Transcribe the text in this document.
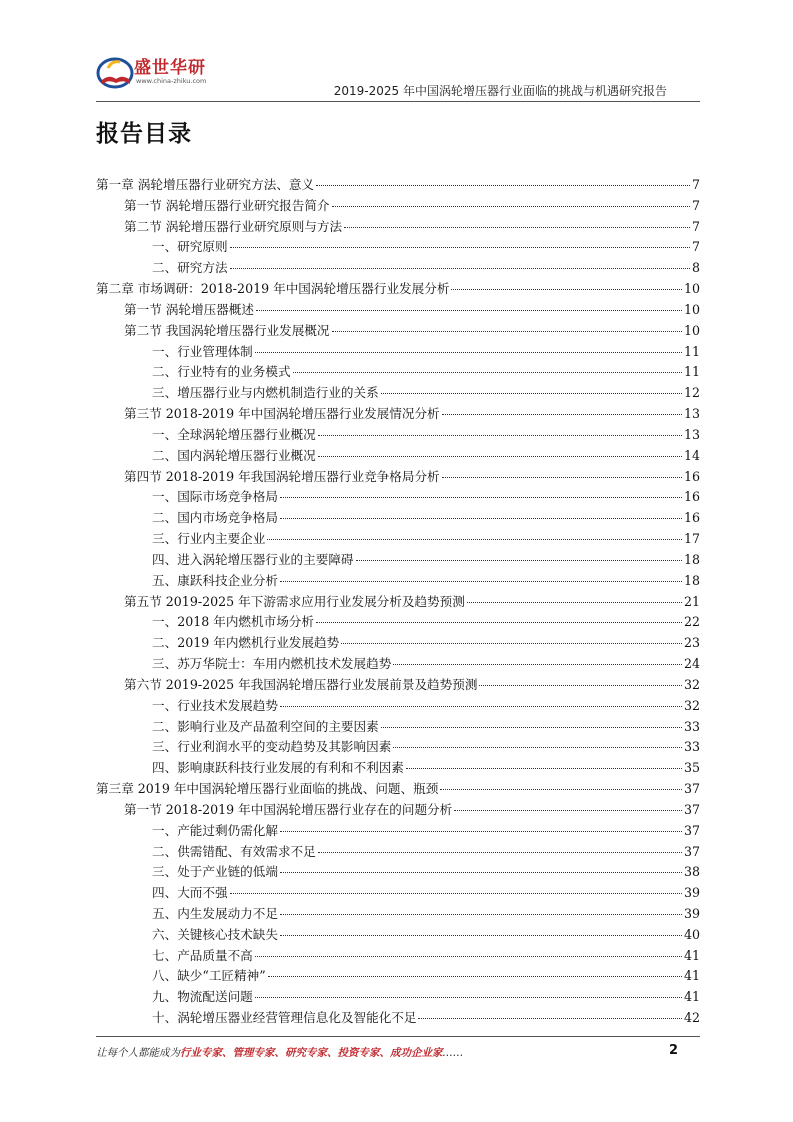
盛世华研
www.china-zhiku.com
2019-2025 年中国涡轮增压器行业面临的挑战与机遇研究报告
报告目录
第一章 涡轮增压器行业研究方法、意义	7
第一节 涡轮增压器行业研究报告简介	7
第二节 涡轮增压器行业研究原则与方法	7
一、研究原则	7
二、研究方法	8
第二章 市场调研：2018-2019 年中国涡轮增压器行业发展分析	10
第一节 涡轮增压器概述	10
第二节 我国涡轮增压器行业发展概况	10
一、行业管理体制	11
二、行业特有的业务模式	11
三、增压器行业与内燃机制造行业的关系	12
第三节 2018-2019 年中国涡轮增压器行业发展情况分析	13
一、全球涡轮增压器行业概况	13
二、国内涡轮增压器行业概况	14
第四节 2018-2019 年我国涡轮增压器行业竞争格局分析	16
一、国际市场竞争格局	16
二、国内市场竞争格局	16
三、行业内主要企业	17
四、进入涡轮增压器行业的主要障碍	18
五、康跃科技企业分析	18
第五节 2019-2025 年下游需求应用行业发展分析及趋势预测	21
一、2018 年内燃机市场分析	22
二、2019 年内燃机行业发展趋势	23
三、苏万华院士：车用内燃机技术发展趋势	24
第六节 2019-2025 年我国涡轮增压器行业发展前景及趋势预测	32
一、行业技术发展趋势	32
二、影响行业及产品盈利空间的主要因素	33
三、行业利润水平的变动趋势及其影响因素	33
四、影响康跃科技行业发展的有利和不利因素	35
第三章 2019 年中国涡轮增压器行业面临的挑战、问题、瓶颈	37
第一节 2018-2019 年中国涡轮增压器行业存在的问题分析	37
一、产能过剩仍需化解	37
二、供需错配、有效需求不足	37
三、处于产业链的低端	38
四、大而不强	39
五、内生发展动力不足	39
六、关键核心技术缺失	40
七、产品质量不高	41
八、缺少“工匠精神”	41
九、物流配送问题	41
十、涡轮增压器业经营管理信息化及智能化不足	42
让每个人都能成为行业专家、管理专家、研究专家、投资专家、成功企业家……	2
